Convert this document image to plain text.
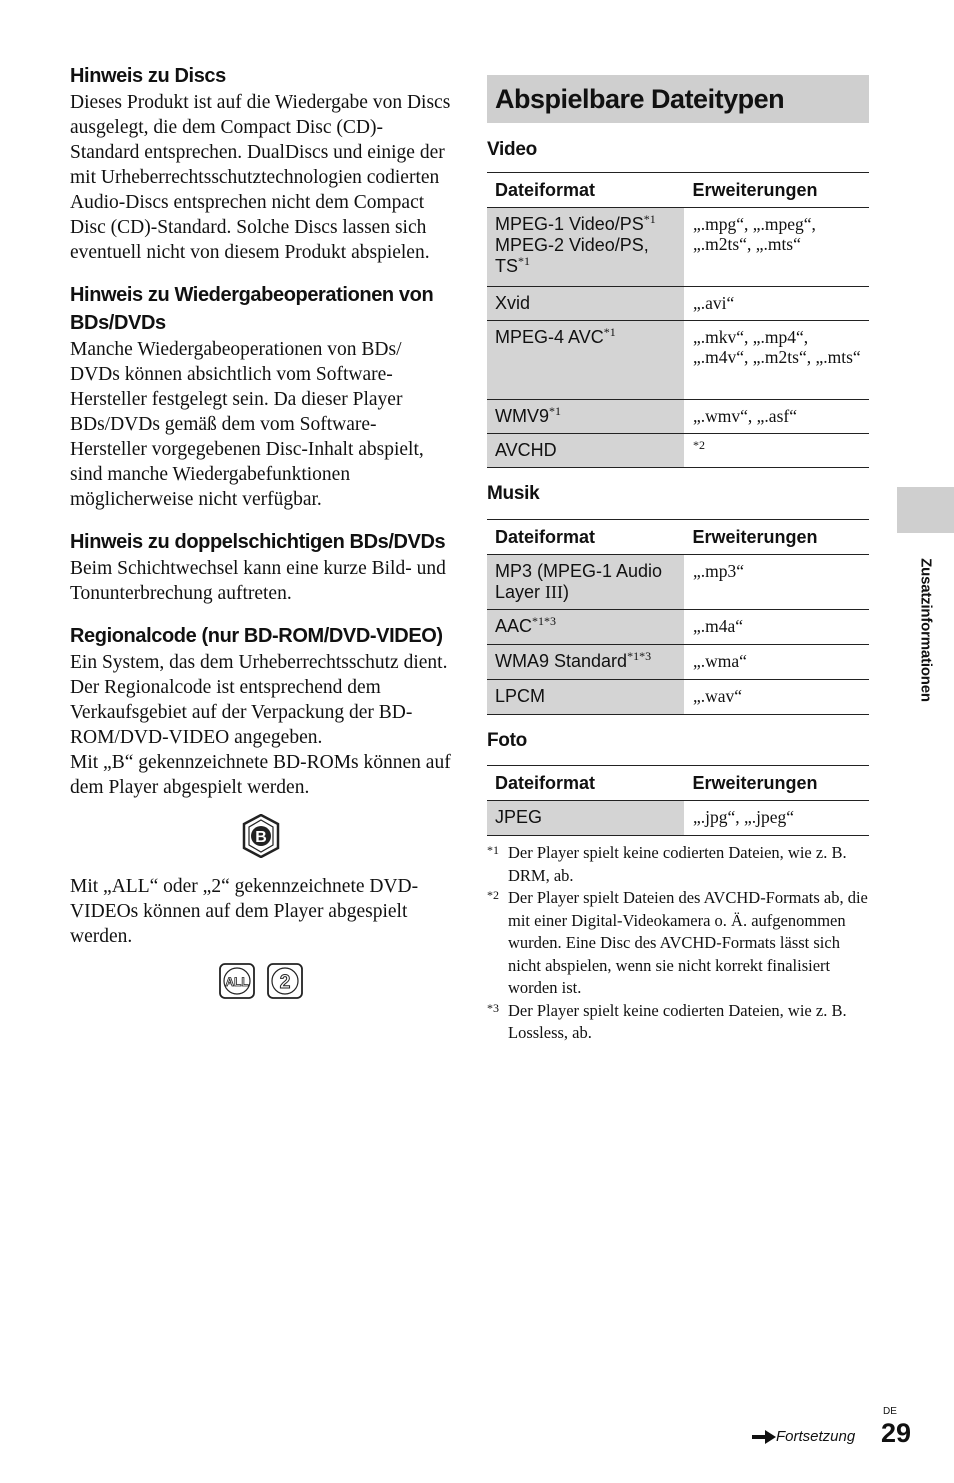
Hinweis zu Discs
Dieses Produkt ist auf die Wiedergabe von Discs ausgelegt, die dem Compact Disc (CD)-Standard entsprechen. DualDiscs und einige der mit Urheberrechtsschutztechnologien codierten Audio-Discs entsprechen nicht dem Compact Disc (CD)-Standard. Solche Discs lassen sich eventuell nicht von diesem Produkt abspielen.
Hinweis zu Wiedergabeoperationen von BDs/DVDs
Manche Wiedergabeoperationen von BDs/ DVDs können absichtlich vom Software-Hersteller festgelegt sein. Da dieser Player BDs/DVDs gemäß dem vom Software-Hersteller vorgegebenen Disc-Inhalt abspielt, sind manche Wiedergabefunktionen möglicherweise nicht verfügbar.
Hinweis zu doppelschichtigen BDs/DVDs
Beim Schichtwechsel kann eine kurze Bild- und Tonunterbrechung auftreten.
Regionalcode (nur BD-ROM/DVD-VIDEO)
Ein System, das dem Urheberrechtsschutz dient. Der Regionalcode ist entsprechend dem Verkaufsgebiet auf der Verpackung der BD-ROM/DVD-VIDEO angegeben.
Mit „B“ gekennzeichnete BD-ROMs können auf dem Player abgespielt werden.
B
Mit „ALL“ oder „2“ gekennzeichnete DVD-VIDEOs können auf dem Player abgespielt werden.
ALL 2
Abspielbare Dateitypen
Video
Dateiformat	Erweiterungen
MPEG-1 Video/PS$^{*1}$
MPEG-2 Video/PS, TS$^{*1}$	„.mpg“, „.mpeg“, „.m2ts“, „.mts“
Xvid	„.avi“
MPEG-4 AVC$^{*1}$	„.mkv“, „.mp4“, „.m4v“, „.m2ts“, „.mts“
WMV9$^{*1}$	„.wmv“, „.asf“
AVCHD	$^{*2}$
Musik
Dateiformat	Erweiterungen
MP3 (MPEG-1 Audio Layer III)	„.mp3“
$AAC^{*1*3}$	„.m4a“
WMA9 Standard$^{*1*3}$	„.wma“
LPCM	„.wav“
Foto
Dateiformat	Erweiterungen
JPEG	„.jpg“, „.jpeg“
*1 Der Player spielt keine codierten Dateien, wie z. B. DRM, ab.
*2 Der Player spielt Dateien des AVCHD-Formats ab, die mit einer Digital-Videokamera o. Ä. aufgenommen wurden. Eine Disc des AVCHD-Formats lässt sich nicht abspielen, wenn sie nicht korrekt finalisiert worden ist.
*3 Der Player spielt keine codierten Dateien, wie z. B. Lossless, ab.
Zusatzinformationen
DE
Fortsetzung 29
